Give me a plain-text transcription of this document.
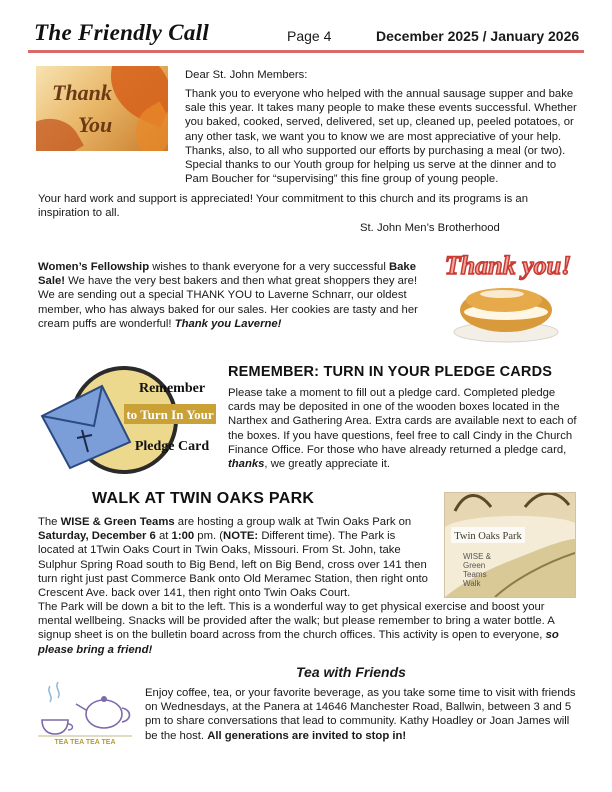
The Friendly Call	Page 4	December 2025 / January 2026
Thank
You
Dear St. John Members:

Thank you to everyone who helped with the annual sausage supper and bake sale this year. It takes many people to make these events successful. Whether you baked, cooked, served, delivered, set up, cleaned up, peeled potatoes, or any other task, we want you to know we are most appreciative of your help. Thanks, also, to all who supported our efforts by purchasing a meal (or two). Special thanks to our Youth group for helping us serve at the dinner and to Pam Boucher for “supervising” this fine group of young people.

Your hard work and support is appreciated! Your commitment to this church and its programs is an inspiration to all.
St. John Men’s Brotherhood
Women’s Fellowship wishes to thank everyone for a very successful Bake Sale! We have the very best bakers and then what great shoppers they are! We are sending out a special THANK YOU to Laverne Schnarr, our oldest member, who has always baked for our sales. Her cookies are tasty and her cream puffs are wonderful! Thank you Laverne!
Thank you!
Remember
to Turn In Your
Pledge Card
REMEMBER: TURN IN YOUR PLEDGE CARDS
Please take a moment to fill out a pledge card. Completed pledge cards may be deposited in one of the wooden boxes located in the Narthex and Gathering Area. Extra cards are available next to each of the boxes. If you have questions, feel free to call Cindy in the Church Finance Office. For those who have already returned a pledge card, thanks, we greatly appreciate it.
WALK AT TWIN OAKS PARK
Twin Oaks Park
WISE &
Green
Teams
Walk
The WISE & Green Teams are hosting a group walk at Twin Oaks Park on Saturday, December 6 at 1:00 pm. (NOTE: Different time). The Park is located at 1Twin Oaks Court in Twin Oaks, Missouri. From St. John, take Sulphur Spring Road south to Big Bend, left on Big Bend, cross over 141 then turn right just past Commerce Bank onto Old Meramec Station, then right onto Crescent Ave. back over 141, then right onto Twin Oaks Court.
The Park will be down a bit to the left. This is a wonderful way to get physical exercise and boost your mental wellbeing. Snacks will be provided after the walk; but please remember to bring a water bottle. A signup sheet is on the bulletin board across from the church offices. This activity is open to everyone, so please bring a friend!
Tea with Friends
TEA TEA TEA TEA
Enjoy coffee, tea, or your favorite beverage, as you take some time to visit with friends on Wednesdays, at the Panera at 14646 Manchester Road, Ballwin, between 3 and 5 pm to share conversations that lead to community. Kathy Hoadley or Joan James will be the host. All generations are invited to stop in!
